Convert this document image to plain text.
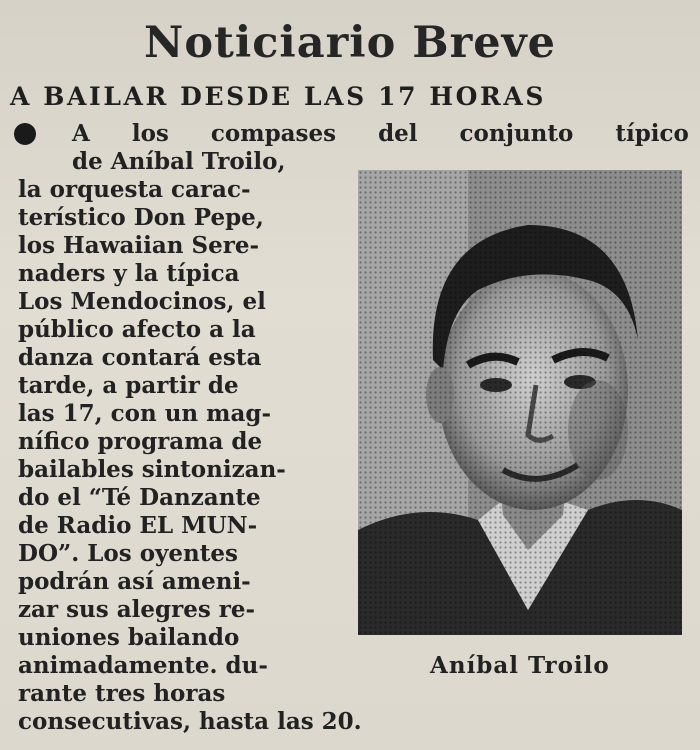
Noticiario Breve
A BAILAR DESDE LAS 17 HORAS
A los compases del conjunto típico
de Aníbal Troilo,
la orquesta carac-
terístico Don Pepe,
los Hawaiian Sere-
naders y la típica
Los Mendocinos, el
público afecto a la
danza contará esta
tarde, a partir de
las 17, con un mag-
nífico programa de
bailables sintonizan-
do el “Té Danzante
de Radio EL MUN-
DO”. Los oyentes
podrán así ameni-
zar sus alegres re-
uniones bailando
animadamente. du-
rante tres horas
consecutivas, hasta las 20.
Aníbal Troilo
